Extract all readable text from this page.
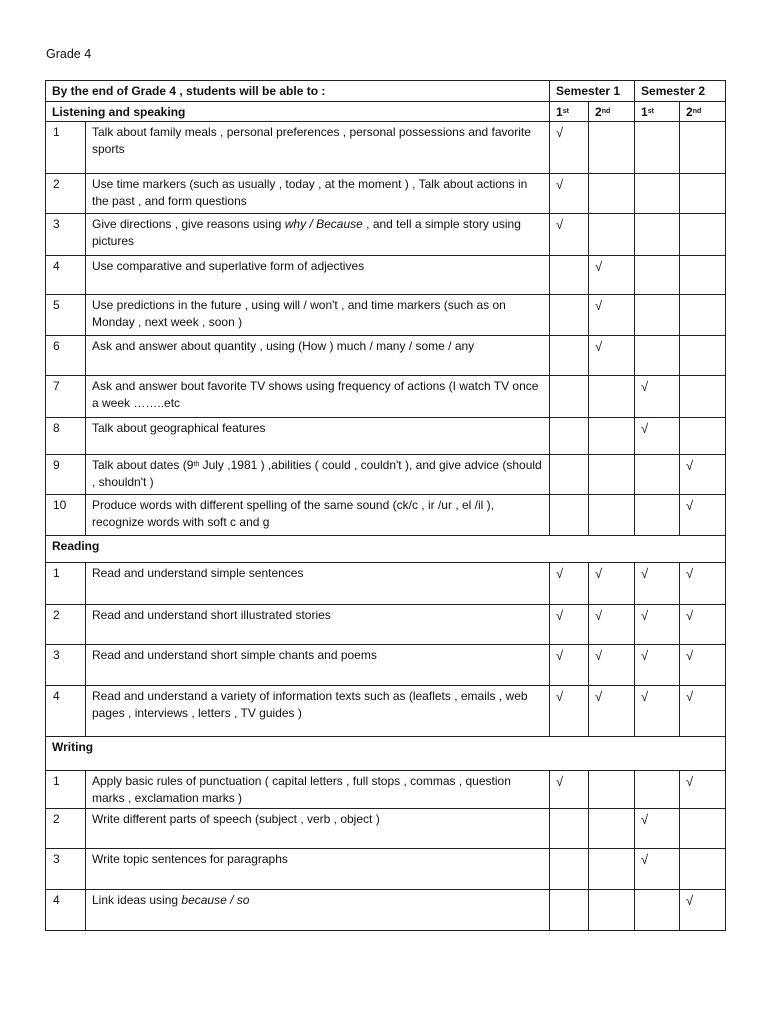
Grade 4
By the end of Grade 4 , students will be able to :		Semester 1		Semester 2	
Listening and speaking		1st	2nd	1st	2nd
1	Talk about family meals , personal preferences , personal possessions and favorite sports	√			
2	Use time markers (such as usually , today , at the moment ) , Talk about actions in the past , and form questions	√			
3	Give directions , give reasons using why / Because , and tell a simple story using pictures	√			
4	Use comparative and superlative form of adjectives		√		
5	Use predictions in the future , using will / won't , and time markers (such as on Monday , next week , soon )		√		
6	Ask and answer about quantity , using (How ) much / many / some / any		√		
7	Ask and answer bout favorite TV shows using frequency of actions (I watch TV once a week ……..etc			√	
8	Talk about geographical features			√	
9	Talk about dates (9th July ,1981 ) ,abilities ( could , couldn't ), and give advice (should , shouldn't )				√
10	Produce words with different spelling of the same sound (ck/c , ir /ur , el /il ), recognize words with soft c and g				√
Reading					
1	Read and understand simple sentences	√	√	√	√
2	Read and understand short illustrated stories	√	√	√	√
3	Read and understand short simple chants and poems	√	√	√	√
4	Read and understand a variety of information texts such as (leaflets , emails , web pages , interviews , letters , TV guides )	√	√	√	√
Writing					
1	Apply basic rules of punctuation ( capital letters , full stops , commas , question marks , exclamation marks )	√			√
2	Write different parts of speech (subject , verb , object )			√	
3	Write topic sentences for paragraphs			√	
4	Link ideas using because / so				√
